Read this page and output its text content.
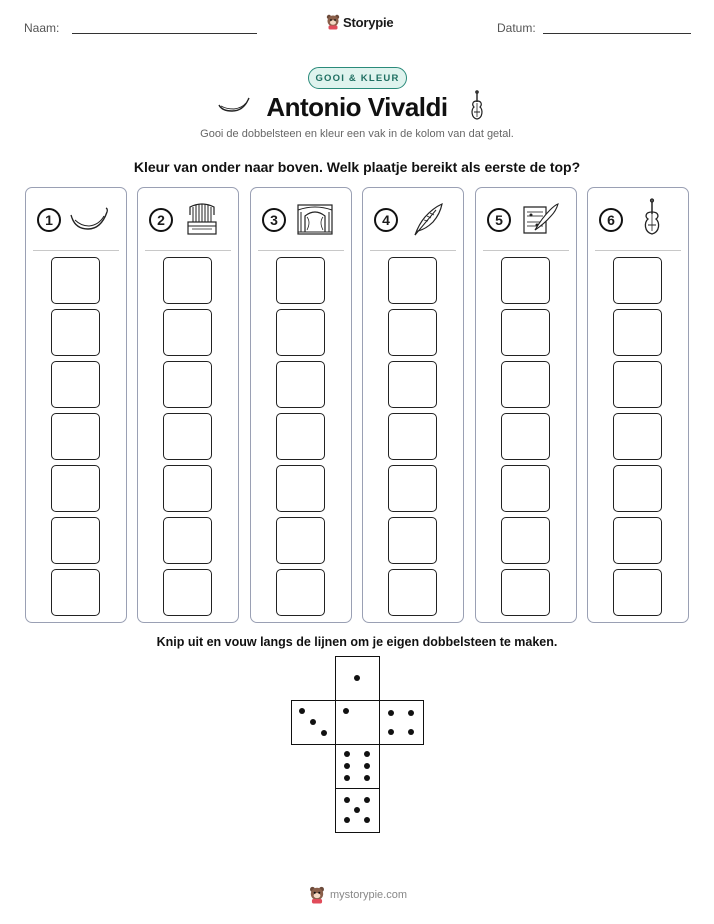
Naam:	Storypie	Datum:
GOOI & KLEUR
Antonio Vivaldi
Gooi de dobbelsteen en kleur een vak in de kolom van dat getal.
Kleur van onder naar boven. Welk plaatje bereikt als eerste de top?
1	2	3	4	5	6
Knip uit en vouw langs de lijnen om je eigen dobbelsteen te maken.
mystorypie.com
